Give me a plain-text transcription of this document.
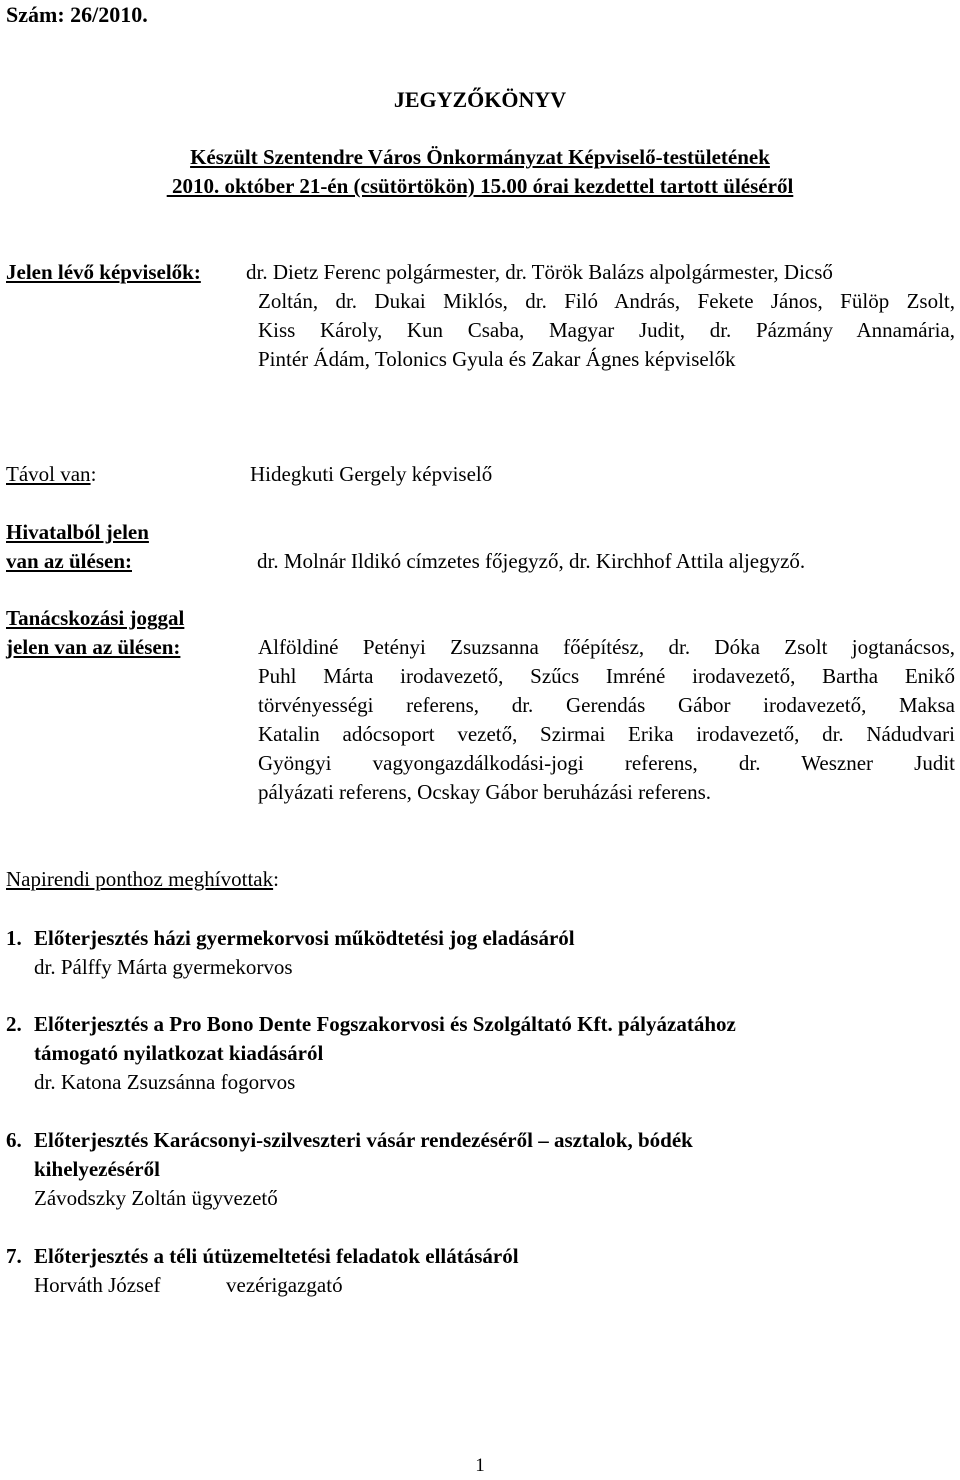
Szám: 26/2010.
JEGYZŐKÖNYV
Készült Szentendre Város Önkormányzat Képviselő-testületének
2010. október 21-én (csütörtökön) 15.00 órai kezdettel tartott üléséről
Jelen lévő képviselők: dr. Dietz Ferenc polgármester, dr. Török Balázs alpolgármester, Dicső
Zoltán, dr. Dukai Miklós, dr. Filó András, Fekete János, Fülöp Zsolt,
Kiss Károly, Kun Csaba, Magyar Judit, dr. Pázmány Annamária,
Pintér Ádám, Tolonics Gyula és Zakar Ágnes képviselők
Távol van:	Hidegkuti Gergely képviselő
Hivatalból jelen
van az ülésen:	dr. Molnár Ildikó címzetes főjegyző, dr. Kirchhof Attila aljegyző.
Tanácskozási joggal
jelen van az ülésen:	Alföldiné Petényi Zsuzsanna főépítész, dr. Dóka Zsolt jogtanácsos,
Puhl Márta irodavezető, Szűcs Imréné irodavezető, Bartha Enikő
törvényességi referens, dr. Gerendás Gábor irodavezető, Maksa
Katalin adócsoport vezető, Szirmai Erika irodavezető, dr. Nádudvari
Gyöngyi vagyongazdálkodási-jogi referens, dr. Weszner Judit
pályázati referens, Ocskay Gábor beruházási referens.
Napirendi ponthoz meghívottak:
1. Előterjesztés házi gyermekorvosi működtetési jog eladásáról
dr. Pálffy Márta gyermekorvos
2. Előterjesztés a Pro Bono Dente Fogszakorvosi és Szolgáltató Kft. pályázatához
támogató nyilatkozat kiadásáról
dr. Katona Zsuzsánna fogorvos
6. Előterjesztés Karácsonyi-szilveszteri vásár rendezéséről – asztalok, bódék
kihelyezéséről
Závodszky Zoltán ügyvezető
7. Előterjesztés a téli útüzemeltetési feladatok ellátásáról
Horváth József	vezérigazgató
1
